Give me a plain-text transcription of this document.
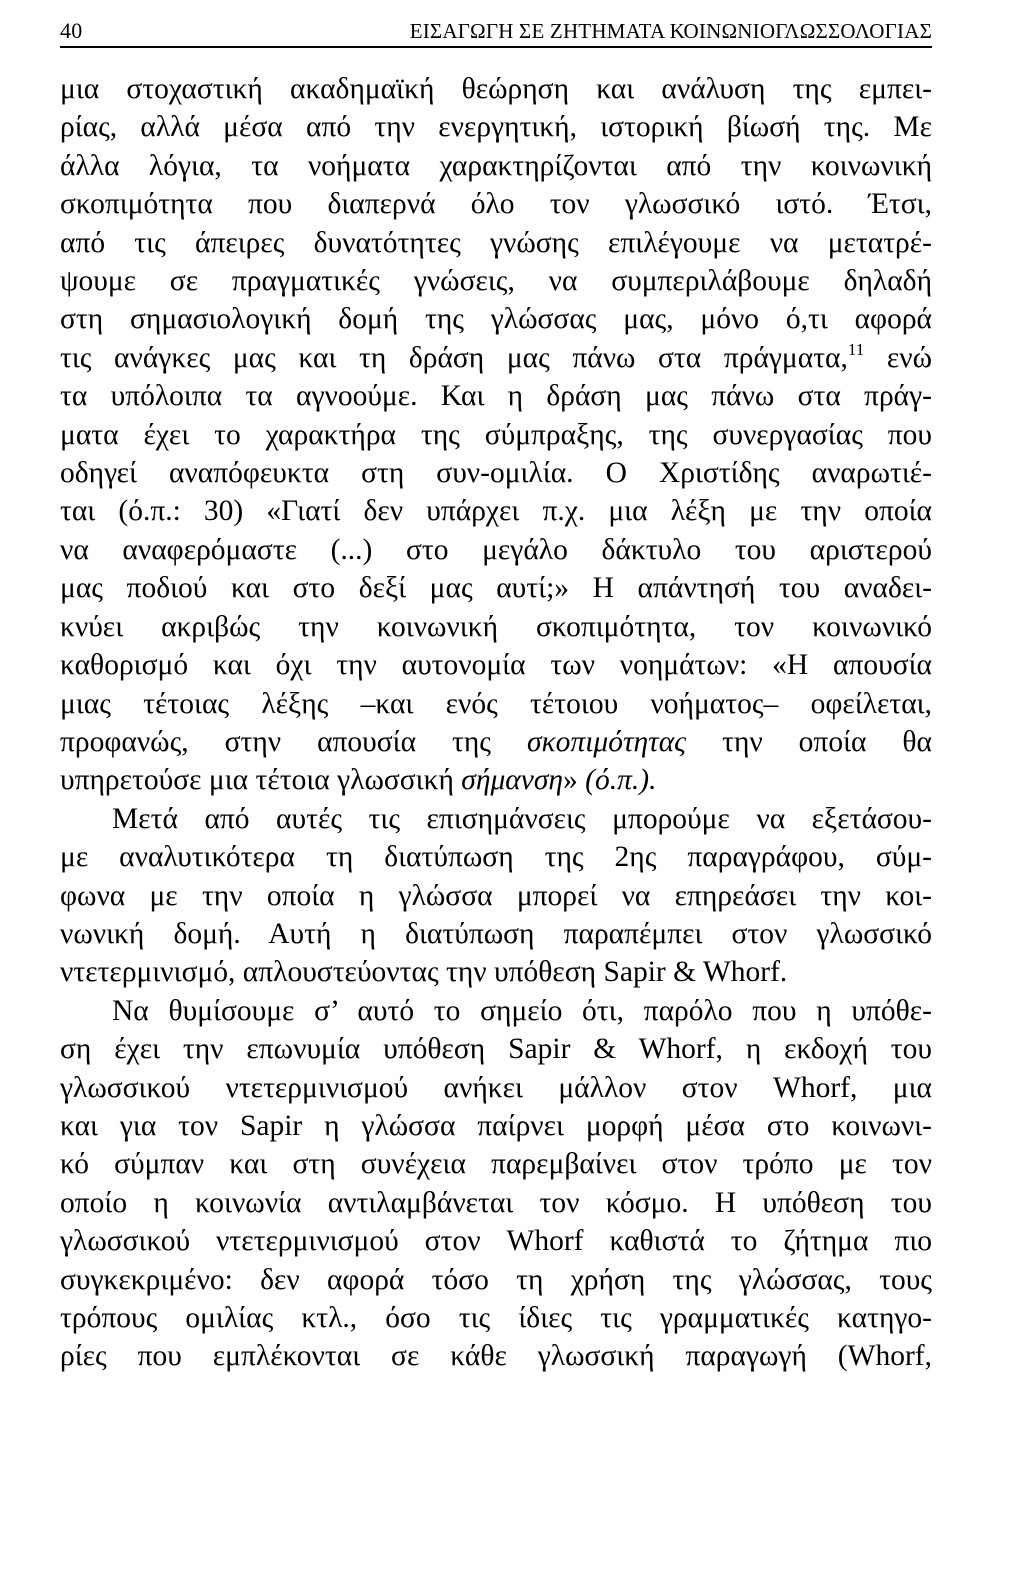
40	ΕΙΣΑΓΩΓΗ ΣΕ ΖΗΤΗΜΑΤΑ ΚΟΙΝΩΝΙΟΓΛΩΣΣΟΛΟΓΙΑΣ

μια στοχαστική ακαδημαϊκή θεώρηση και ανάλυση της εμπει-
ρίας, αλλά μέσα από την ενεργητική, ιστορική βίωσή της. Με
άλλα λόγια, τα νοήματα χαρακτηρίζονται από την κοινωνική
σκοπιμότητα που διαπερνά όλο τον γλωσσικό ιστό. Έτσι,
από τις άπειρες δυνατότητες γνώσης επιλέγουμε να μετατρέ-
ψουμε σε πραγματικές γνώσεις, να συμπεριλάβουμε δηλαδή
στη σημασιολογική δομή της γλώσσας μας, μόνο ό,τι αφορά
τις ανάγκες μας και τη δράση μας πάνω στα πράγματα,$^{11}$ ενώ
τα υπόλοιπα τα αγνοούμε. Και η δράση μας πάνω στα πράγ-
ματα έχει το χαρακτήρα της σύμπραξης, της συνεργασίας που
οδηγεί αναπόφευκτα στη συν-ομιλία. Ο Χριστίδης αναρωτιέ-
ται (ό.π.: 30) «Γιατί δεν υπάρχει π.χ. μια λέξη με την οποία
να αναφερόμαστε (...) στο μεγάλο δάκτυλο του αριστερού
μας ποδιού και στο δεξί μας αυτί;» Η απάντησή του αναδει-
κνύει ακριβώς την κοινωνική σκοπιμότητα, τον κοινωνικό
καθορισμό και όχι την αυτονομία των νοημάτων: «Η απουσία
μιας τέτοιας λέξης –και ενός τέτοιου νοήματος– οφείλεται,
προφανώς, στην απουσία της σκοπιμότητας την οποία θα
υπηρετούσε μια τέτοια γλωσσική σήμανση» (ό.π.).

Μετά από αυτές τις επισημάνσεις μπορούμε να εξετάσου-
με αναλυτικότερα τη διατύπωση της 2ης παραγράφου, σύμ-
φωνα με την οποία η γλώσσα μπορεί να επηρεάσει την κοι-
νωνική δομή. Αυτή η διατύπωση παραπέμπει στον γλωσσικό
ντετερμινισμό, απλουστεύοντας την υπόθεση Sapir & Whorf.

Να θυμίσουμε σ’ αυτό το σημείο ότι, παρόλο που η υπόθε-
ση έχει την επωνυμία υπόθεση Sapir & Whorf, η εκδοχή του
γλωσσικού ντετερμινισμού ανήκει μάλλον στον Whorf, μια
και για τον Sapir η γλώσσα παίρνει μορφή μέσα στο κοινωνι-
κό σύμπαν και στη συνέχεια παρεμβαίνει στον τρόπο με τον
οποίο η κοινωνία αντιλαμβάνεται τον κόσμο. Η υπόθεση του
γλωσσικού ντετερμινισμού στον Whorf καθιστά το ζήτημα πιο
συγκεκριμένο: δεν αφορά τόσο τη χρήση της γλώσσας, τους
τρόπους ομιλίας κτλ., όσο τις ίδιες τις γραμματικές κατηγο-
ρίες που εμπλέκονται σε κάθε γλωσσική παραγωγή (Whorf,
